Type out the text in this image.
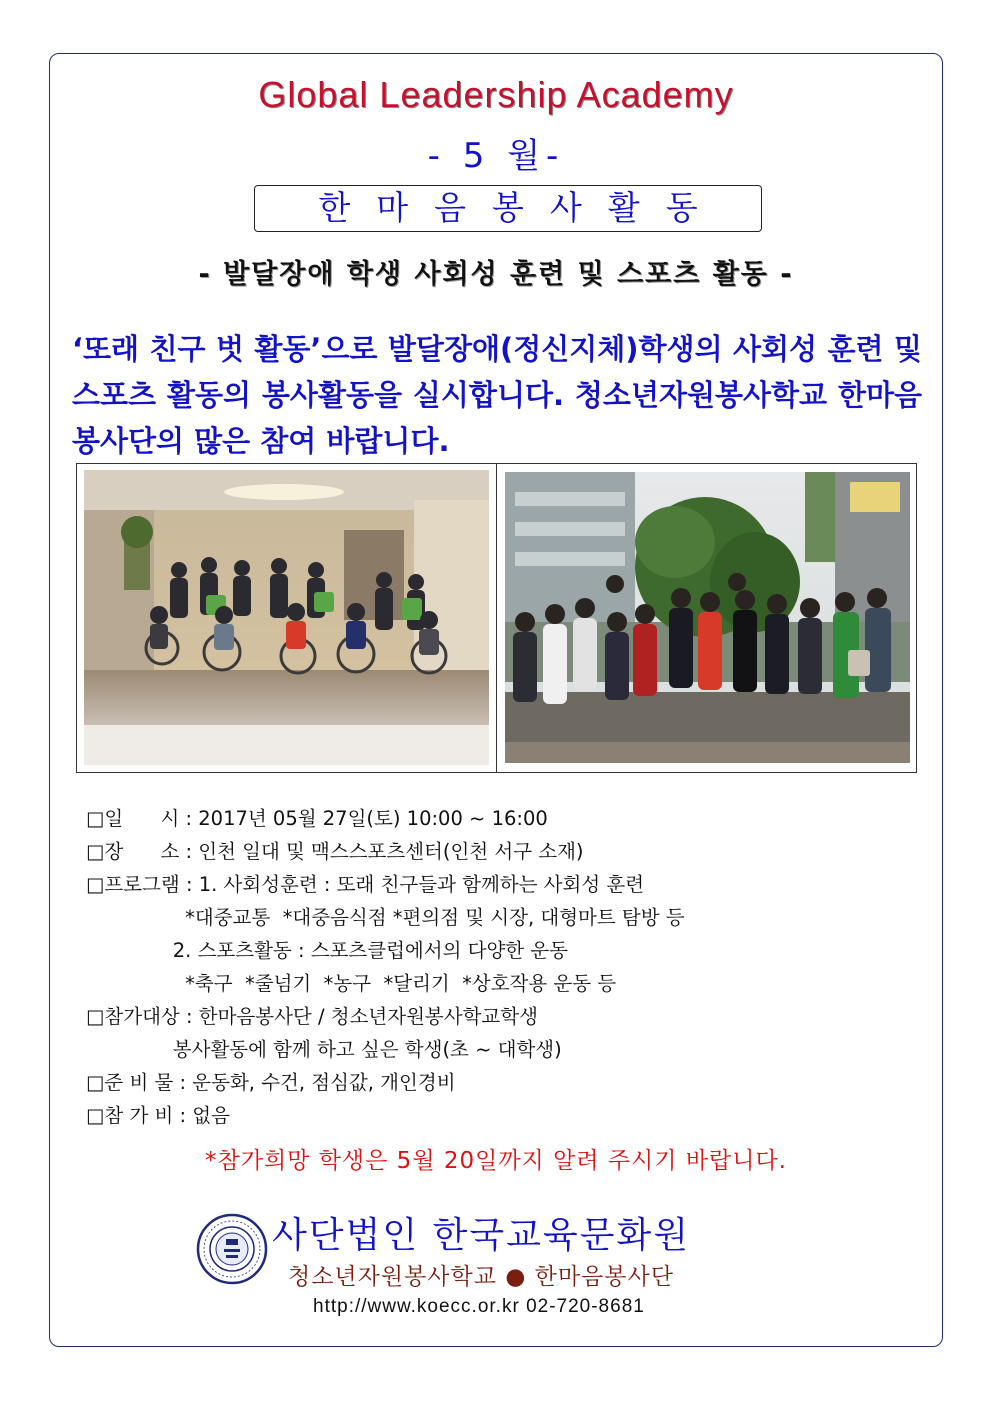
Global Leadership Academy
- 5 월-
한마음봉사활동
- 발달장애 학생 사회성 훈련 및 스포츠 활동 -
‘또래 친구 벗 활동’으로 발달장애(정신지체)학생의 사회성 훈련 및 스포츠 활동의 봉사활동을 실시합니다. 청소년자원봉사학교 한마음봉사단의 많은 참여 바랍니다.
□일      시 : 2017년 05월 27일(토) 10:00 ~ 16:00
□장      소 : 인천 일대 및 맥스스포츠센터(인천 서구 소재)
□프로그램 : 1. 사회성훈련 : 또래 친구들과 함께하는 사회성 훈련
*대중교통  *대중음식점 *편의점 및 시장, 대형마트 탐방 등
2. 스포츠활동 : 스포츠클럽에서의 다양한 운동
*축구  *줄넘기  *농구  *달리기  *상호작용 운동 등
□참가대상 : 한마음봉사단 / 청소년자원봉사학교학생
봉사활동에 함께 하고 싶은 학생(초 ~ 대학생)
□준 비 물 : 운동화, 수건, 점심값, 개인경비
□참 가 비 : 없음
*참가희망 학생은 5월 20일까지 알려 주시기 바랍니다.
사단법인 한국교육문화원
청소년자원봉사학교 ● 한마음봉사단
http://www.koecc.or.kr 02-720-8681
